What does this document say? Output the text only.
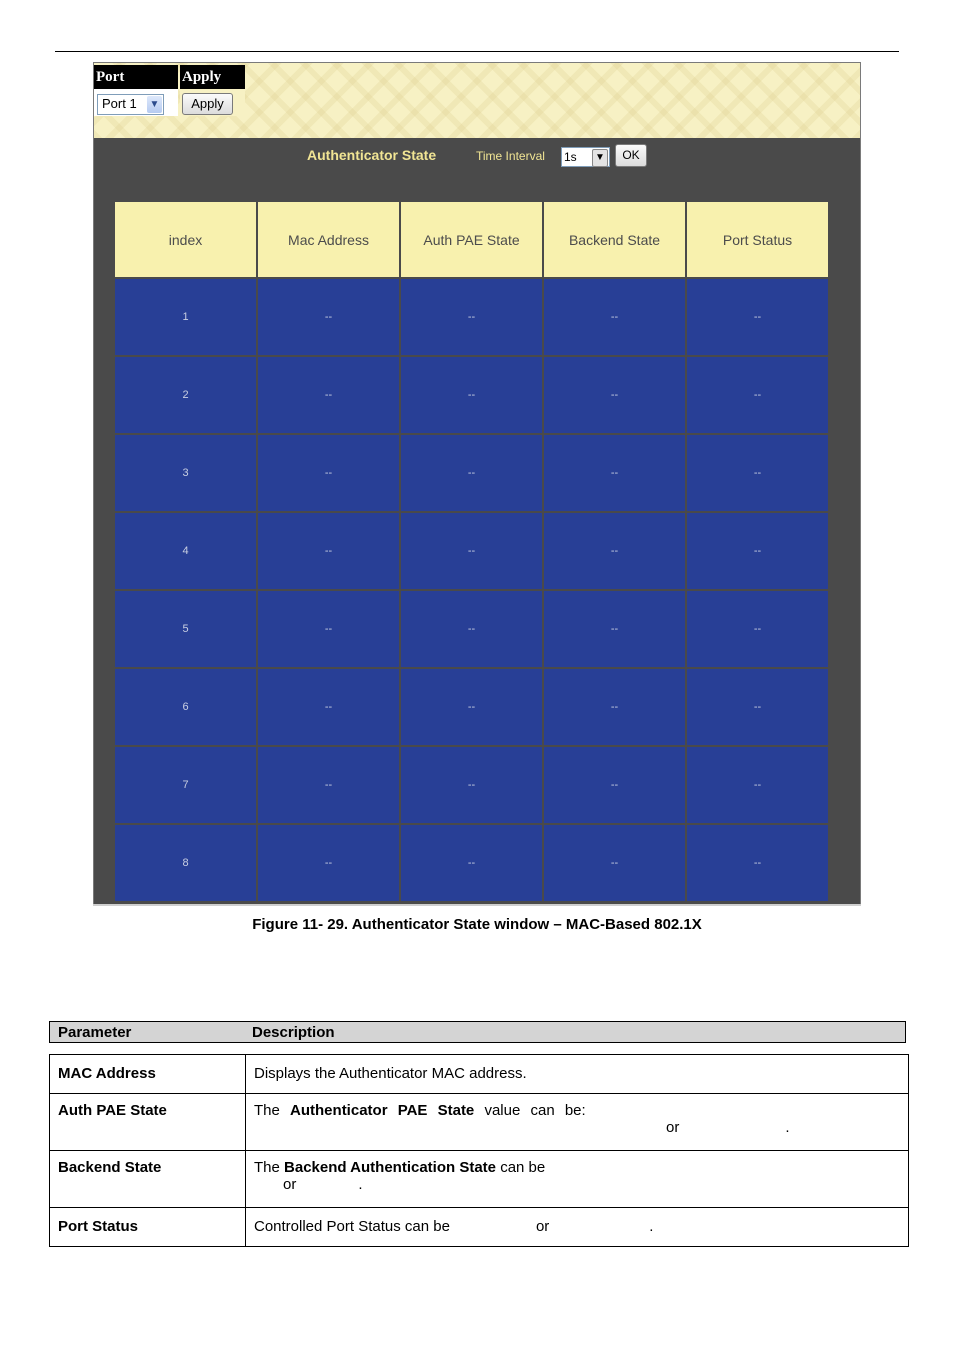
Port	Apply
Port 1 ▼	Apply
Authenticator State	Time Interval 1s	▼	OK
index	Mac Address	Auth PAE State	Backend State	Port Status
1	--	--	--	--
2	--	--	--	--
3	--	--	--	--
4	--	--	--	--
5	--	--	--	--
6	--	--	--	--
7	--	--	--	--
8	--	--	--	--
Figure 11- 29. Authenticator State window – MAC-Based 802.1X
Parameter	Description
MAC Address	Displays the Authenticator MAC address.
Auth PAE State	The Authenticator PAE State value can be:
or .

Backend State	The Backend Authentication State can be
or .

Port Status	Controlled Port Status can be or .
